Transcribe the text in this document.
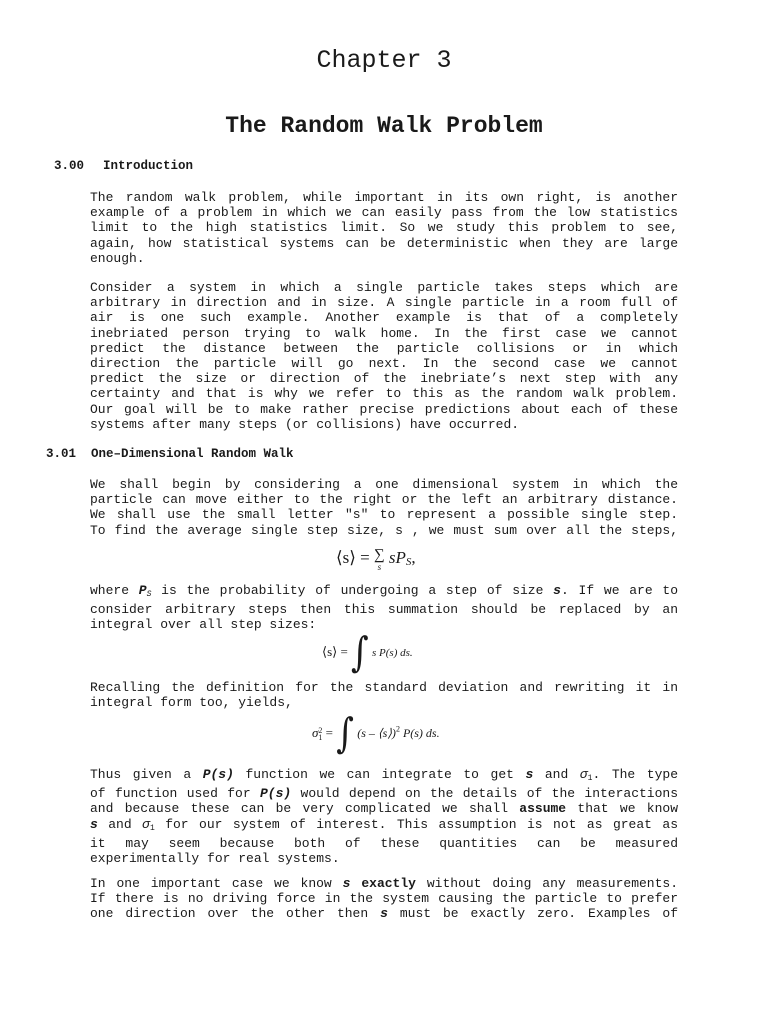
Chapter 3
The Random Walk Problem
3.00 Introduction
The random walk problem, while important in its own right, is another
example of a problem in which we can easily pass from the low statistics
limit to the high statistics limit. So we study this problem to see,
again, how statistical systems can be deterministic when they are large
enough.
Consider a system in which a single particle takes steps which are
arbitrary in direction and in size. A single particle in a room full of
air is one such example. Another example is that of a completely
inebriated person trying to walk home. In the first case we cannot
predict the distance between the particle collisions or in which
direction the particle will go next. In the second case we cannot
predict the size or direction of the inebriate’s next step with any
certainty and that is why we refer to this as the random walk problem.
Our goal will be to make rather precise predictions about each of these
systems after many steps (or collisions) have occurred.
3.01 One–Dimensional Random Walk
We shall begin by considering a one dimensional system in which the
particle can move either to the right or the left an arbitrary distance.
We shall use the small letter "s" to represent a possible single step.
To find the average single step size, s , we must sum over all the steps,
⟨s⟩ = ∑
s sPS,
where $P_S$ is the probability of undergoing a step of size s. If we are to
consider arbitrary steps then this summation should be replaced by an
integral over all step sizes:
⟨s⟩ = ∫ s P(s) ds.
Recalling the definition for the standard deviation and rewriting it in
integral form too, yields,
σ 2
1 = ∫ (s – ⟨s⟩)$^2$ P(s) ds.
Thus given a P(s) function we can integrate to get s and $\sigma_1$. The type
of function used for P(s) would depend on the details of the interactions
and because these can be very complicated we shall assume that we know
s and $\sigma_1$ for our system of interest. This assumption is not as great as
it may seem because both of these quantities can be measured
experimentally for real systems.
In one important case we know s exactly without doing any measurements.
If there is no driving force in the system causing the particle to prefer
one direction over the other then s must be exactly zero. Examples of
